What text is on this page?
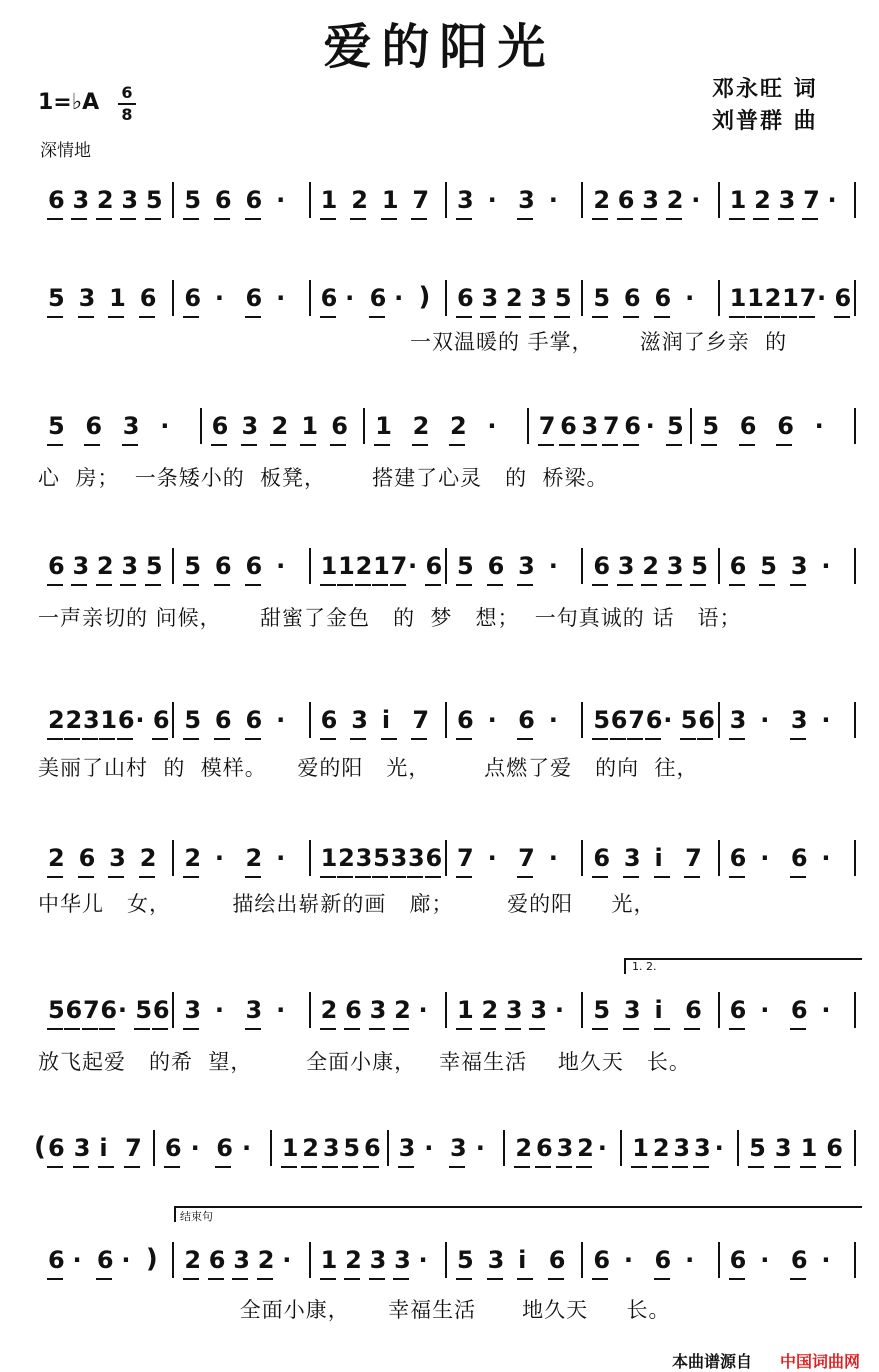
爱的阳光
邓永旺 词
刘普群 曲
1=♭A 6
8
深情地
6 3 2 3 5 5 6 6 · 1 2 1 7 3 · 3 · 2 6 3 2 · 1 2 3 7 ·
5 3 1 6 6 · 6 · 6 · 6 · ) 6 3 2 3 5 5 6 6 · 1 1 2 1 7 · 6
一双温暖的 手掌，      滋润了乡亲  的
5 6 3 · 6 3 2 1 6 1 2 2 · 7 6 3 7 6 · 5 5 6 6 ·
心  房；  一条矮小的  板凳，      搭建了心灵   的  桥梁。
6 3 2 3 5 5 6 6 · 1 1 2 1 7 · 6 5 6 3 · 6 3 2 3 5 6 5 3 ·
一声亲切的 问候，     甜蜜了金色   的  梦   想；  一句真诚的 话   语；
2 2 3 1 6 · 6 5 6 6 · 6 3 i 7 6 · 6 · 5 6 7 6 · 5 6 3 · 3 ·
美丽了山村  的  模样。    爱的阳   光，       点燃了爱   的向  往，
2 6 3 2 2 · 2 · 1 2 3 5 3 3 6 7 · 7 · 6 3 i 7 6 · 6 ·
中华儿   女，        描绘出崭新的画   廊；       爱的阳     光，
5 6 7 6 · 5 6 3 · 3 · 2 6 3 2 · 1 2 3 3 · 5 3 i 6 6 · 6 ·
放飞起爱   的希  望，       全面小康，   幸福生活    地久天   长。
( 6 3 i 7 6 · 6 · 1 2 3 5 6 3 · 3 · 2 6 3 2 · 1 2 3 3 · 5 3 1 6
6 · 6 · ) 2 6 3 2 · 1 2 3 3 · 5 3 i 6 6 · 6 · 6 · 6 ·
全面小康，     幸福生活      地久天     长。
1. 2.
结束句
本曲谱源自 中国词曲网
